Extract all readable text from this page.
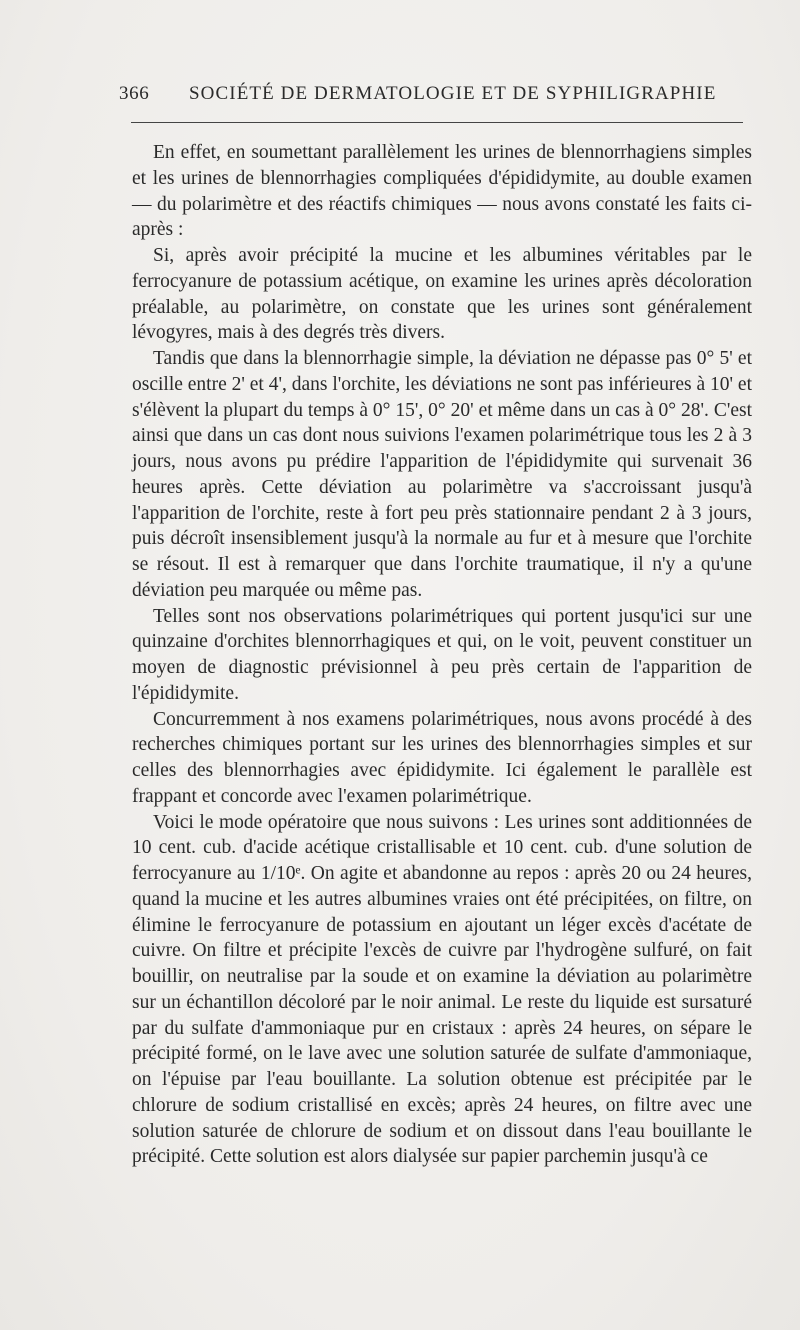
366 SOCIÉTÉ DE DERMATOLOGIE ET DE SYPHILIGRAPHIE

En effet, en soumettant parallèlement les urines de blennorrhagiens simples et les urines de blennorrhagies compliquées d'épididymite, au double examen — du polarimètre et des réactifs chimiques — nous avons constaté les faits ci-après :

Si, après avoir précipité la mucine et les albumines véritables par le ferrocyanure de potassium acétique, on examine les urines après décoloration préalable, au polarimètre, on constate que les urines sont généralement lévogyres, mais à des degrés très divers.

Tandis que dans la blennorrhagie simple, la déviation ne dépasse pas 0° 5' et oscille entre 2' et 4', dans l'orchite, les déviations ne sont pas inférieures à 10' et s'élèvent la plupart du temps à 0° 15', 0° 20' et même dans un cas à 0° 28'. C'est ainsi que dans un cas dont nous suivions l'examen polarimétrique tous les 2 à 3 jours, nous avons pu prédire l'apparition de l'épididymite qui survenait 36 heures après. Cette déviation au polarimètre va s'accroissant jusqu'à l'apparition de l'orchite, reste à fort peu près stationnaire pendant 2 à 3 jours, puis décroît insensiblement jusqu'à la normale au fur et à mesure que l'orchite se résout. Il est à remarquer que dans l'orchite traumatique, il n'y a qu'une déviation peu marquée ou même pas.

Telles sont nos observations polarimétriques qui portent jusqu'ici sur une quinzaine d'orchites blennorrhagiques et qui, on le voit, peuvent constituer un moyen de diagnostic prévisionnel à peu près certain de l'apparition de l'épididymite.

Concurremment à nos examens polarimétriques, nous avons procédé à des recherches chimiques portant sur les urines des blennorrhagies simples et sur celles des blennorrhagies avec épididymite. Ici également le parallèle est frappant et concorde avec l'examen polarimétrique.

Voici le mode opératoire que nous suivons : Les urines sont additionnées de 10 cent. cub. d'acide acétique cristallisable et 10 cent. cub. d'une solution de ferrocyanure au 1/10ᵉ. On agite et abandonne au repos : après 20 ou 24 heures, quand la mucine et les autres albumines vraies ont été précipitées, on filtre, on élimine le ferrocyanure de potassium en ajoutant un léger excès d'acétate de cuivre. On filtre et précipite l'excès de cuivre par l'hydrogène sulfuré, on fait bouillir, on neutralise par la soude et on examine la déviation au polarimètre sur un échantillon décoloré par le noir animal. Le reste du liquide est sursaturé par du sulfate d'ammoniaque pur en cristaux : après 24 heures, on sépare le précipité formé, on le lave avec une solution saturée de sulfate d'ammoniaque, on l'épuise par l'eau bouillante. La solution obtenue est précipitée par le chlorure de sodium cristallisé en excès; après 24 heures, on filtre avec une solution saturée de chlorure de sodium et on dissout dans l'eau bouillante le précipité. Cette solution est alors dialysée sur papier parchemin jusqu'à ce
